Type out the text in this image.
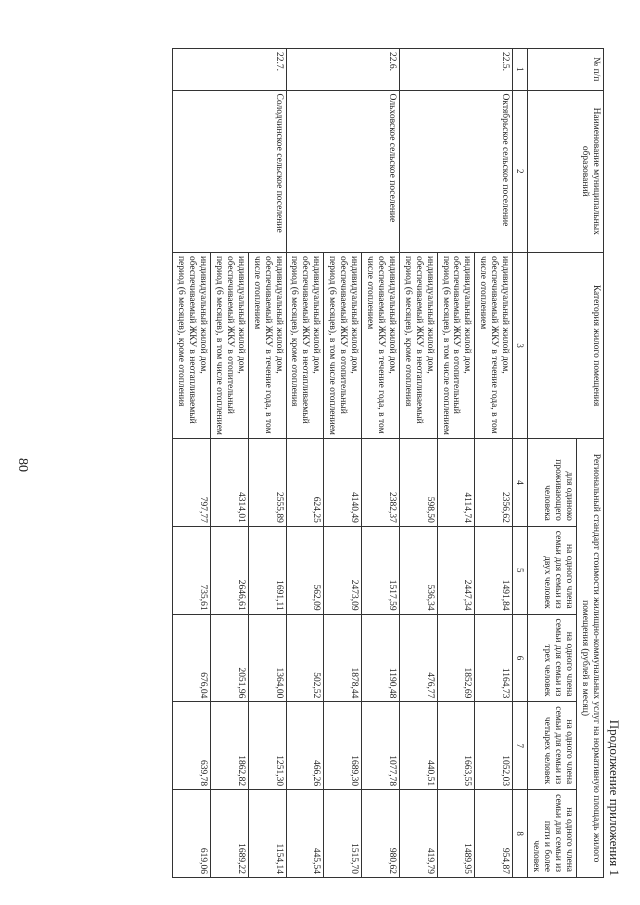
80
Продолжение приложения 1
№ п/п	Наименование муниципальных образований	Категория жилого помещения	Региональный стандарт стоимости жилищно-коммунальных услуг на нормативную площадь жилого помещения (рублей в месяц)				
			для одиноко проживающего человека	на одного члена семьи для семьи из двух человек	на одного члена семьи для семьи из трех человек	на одного члена семьи для семьи из четырех человек	на одного члена семьи для семьи из пяти и более человек
1	2	3	4	5	6	7	8
22.5.	Октябрьское сельское поселение	индивидуальный жилой дом, обеспечиваемый ЖКУ в течение года, в том числе отоплением	2356,62	1491,84	1164,73	1052,03	954,87
		индивидуальный жилой дом, обеспечиваемый ЖКУ в отопительный период (6 месяцев), в том числе отоплением	4114,74	2447,34	1852,69	1663,55	1489,95
		индивидуальный жилой дом, обеспечиваемый ЖКУ в неотапливаемый период (6 месяцев), кроме отопления	598,50	536,34	476,77	440,51	419,79
22.6.	Ольховское сельское поселение	индивидуальный жилой дом, обеспечиваемый ЖКУ в течение года, в том числе отоплением	2382,37	1517,59	1190,48	1077,78	980,62
		индивидуальный жилой дом, обеспечиваемый ЖКУ в отопительный период (6 месяцев), в том числе отоплением	4140,49	2473,09	1878,44	1689,30	1515,70
		индивидуальный жилой дом, обеспечиваемый ЖКУ в неотапливаемый период (6 месяцев), кроме отопления	624,25	562,09	502,52	466,26	445,54
22.7.	Солодчинское сельское поселение	индивидуальный жилой дом, обеспечиваемый ЖКУ в течение года, в том числе отоплением	2555,89	1691,11	1364,00	1251,30	1154,14
		индивидуальный жилой дом, обеспечиваемый ЖКУ в отопительный период (6 месяцев), в том числе отоплением	4314,01	2646,61	2051,96	1862,82	1689,22
		индивидуальный жилой дом, обеспечиваемый ЖКУ в неотапливаемый период (6 месяцев), кроме отопления	797,77	735,61	676,04	639,78	619,06
